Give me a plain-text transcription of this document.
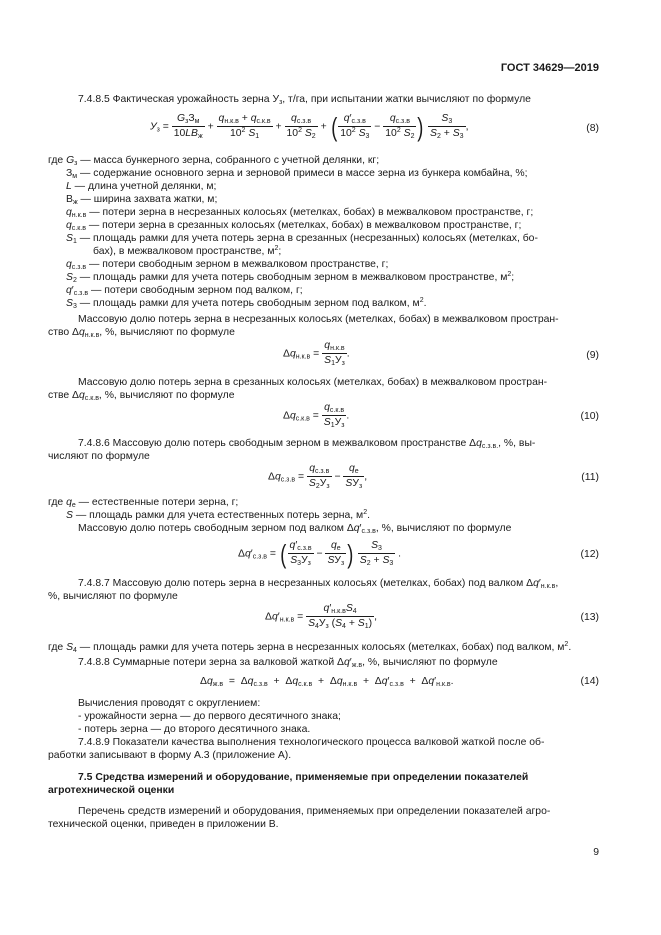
ГОСТ 34629—2019
7.4.8.5 Фактическая урожайность зерна $У_з$, т/га, при испытании жатки вычисляют по формуле
$У_з$ =
$G_зЗ_м$
$10LB_ж$
+
$q_{н.к.в} + q_{с.к.в}$
$10^2$ $S_1$
+
$q_{с.з.в}$
$10^2$ $S_2$
+ ( $q'_{с.з.в}$
$10^2$ $S_3$
−
$q_{с.з.в}$
$10^2$ $S_2$ ) $\frac{S_3}{S_2 + S_3}$ ,	(8)
где $G_з$ — масса бункерного зерна, собранного с учетной делянки, кг;
$З_м$ — содержание основного зерна и зерновой примеси в массе зерна из бункера комбайна, %;
L — длина учетной делянки, м;
$В_ж$ — ширина захвата жатки, м;
$q_{н.к.в}$ — потери зерна в несрезанных колосьях (метелках, бобах) в межвалковом пространстве, г;
$q_{с.к.в}$ — потери зерна в срезанных колосьях (метелках, бобах) в межвалковом пространстве, г;
$S_1$ — площадь рамки для учета потерь зерна в срезанных (несрезанных) колосьях (метелках, бо-
бах), в межвалковом пространстве, $м^2$;
$q_{с.з.в}$ — потери свободным зерном в межвалковом пространстве, г;
$S_2$ — площадь рамки для учета потерь свободным зерном в межвалковом пространстве, $м^2$;
$q'_{с.з.в}$ — потери свободным зерном под валком, г;
$S_3$ — площадь рамки для учета потерь свободным зерном под валком, $м^2$.
Массовую долю потерь зерна в несрезанных колосьях (метелках, бобах) в межвалковом простран-
ство $\Delta q_{н.к.в}$, %, вычисляют по формуле
$\Delta q_{н.к.в}$ =
$q_{н.к.в}$
$S_1У_з$
.	(9)
Массовую долю потерь зерна в срезанных колосьях (метелках, бобах) в межвалковом простран-
стве $\Delta q_{с.к.в}$, %, вычисляют по формуле
$\Delta q_{с.к.в}$ =
$q_{с.к.в}$
$S_1У_з$
.	(10)
7.4.8.6 Массовую долю потерь свободным зерном в межвалковом пространстве $\Delta q_{с.з.в.}$, %, вы-
числяют по формуле
$\Delta q_{с.з.в}$ =
$q_{с.з.в}$
$S_2У_з$
−
$q_е$
$SУ_з$
,	(11)
где $q_е$ — естественные потери зерна, г;
S — площадь рамки для учета естественных потерь зерна, $м^2$.
Массовую долю потерь свободным зерном под валком $\Delta q'_{с.з.в}$, %, вычисляют по формуле
$\Delta q'_{с.з.в}$ = ( $q'_{с.з.в}$
$S_3У_з$
−
$q_е$
$SУ_з$ ) $\frac{S_3}{S_2 + S_3}$ .	(12)
7.4.8.7 Массовую долю потерь зерна в несрезанных колосьях (метелках, бобах) под валком $\Delta q'_{н.к.в}$,
%, вычисляют по формуле
$\Delta q'_{н.к.в}$ =
$q'_{н.к.в}S_4$
$S_4У_з$ $(S_4 + S_1)$
,	(13)
где $S_4$ — площадь рамки для учета потерь зерна в несрезанных колосьях (метелках, бобах) под валком, $м^2$.
7.4.8.8 Суммарные потери зерна за валковой жаткой $\Delta q'_{ж.в}$, %, вычисляют по формуле
$\Delta q_{ж.в} = \Delta q_{с.з.в} + \Delta q_{с.к.в} + \Delta q_{н.к.в} + \Delta q'_{с.з.в} + \Delta q'_{н.к.в}$.	(14)
Вычисления проводят с округлением:
- урожайности зерна — до первого десятичного знака;
- потерь зерна — до второго десятичного знака.
7.4.8.9 Показатели качества выполнения технологического процесса валковой жаткой после об-
работки записывают в форму А.3 (приложение А).
7.5 Средства измерений и оборудование, применяемые при определении показателей
агротехнической оценки
Перечень средств измерений и оборудования, применяемых при определении показателей агро-
технической оценки, приведен в приложении В.
9
